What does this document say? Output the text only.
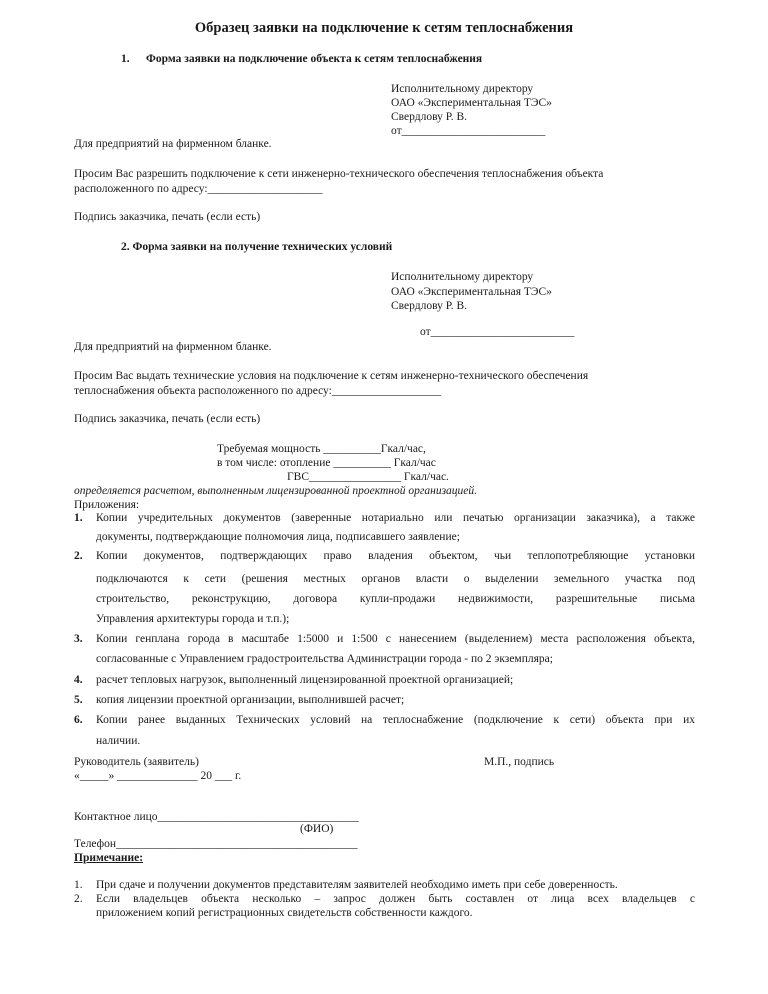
Образец заявки на подключение к сетям теплоснабжения
1. Форма заявки на подключение объекта к сетям теплоснабжения
Исполнительному директору
ОАО «Экспериментальная ТЭС»
Свердлову Р. В.
от_________________________
Для предприятий на фирменном бланке.
Просим Вас разрешить подключение к сети инженерно-технического обеспечения теплоснабжения объекта
расположенного по адресу:____________________
Подпись заказчика, печать (если есть)
2. Форма заявки на получение технических условий
Исполнительному директору
ОАО «Экспериментальная ТЭС»
Свердлову Р. В.
от_________________________
Для предприятий на фирменном бланке.
Просим Вас выдать технические условия на подключение к сетям инженерно-технического обеспечения
теплоснабжения объекта расположенного по адресу:___________________
Подпись заказчика, печать (если есть)
Требуемая мощность __________Гкал/час,
в том числе: отопление __________ Гкал/час
ГВС________________ Гкал/час.
определяется расчетом, выполненным лицензированной проектной организацией.
Приложения:
1. Копии учредительных документов (заверенные нотариально или печатью организации заказчика), а также
документы, подтверждающие полномочия лица, подписавшего заявление;
2. Копии документов, подтверждающих право владения объектом, чьи теплопотребляющие установки
подключаются к сети (решения местных органов власти о выделении земельного участка под
строительство, реконструкцию, договора купли-продажи недвижимости, разрешительные письма
Управления архитектуры города и т.п.);
3. Копии генплана города в масштабе 1:5000 и 1:500 с нанесением (выделением) места расположения объекта,
согласованные с Управлением градостроительства Администрации города - по 2 экземпляра;
4. расчет тепловых нагрузок, выполненный лицензированной проектной организацией;
5. копия лицензии проектной организации, выполнившей расчет;
6. Копии ранее выданных Технических условий на теплоснабжение (подключение к сети) объекта при их
наличии.
Руководитель (заявитель)	М.П., подпись
«_____» ______________ 20 ___ г.
Контактное лицо___________________________________
(ФИО)
Телефон__________________________________________
Примечание:
1. При сдаче и получении документов представителям заявителей необходимо иметь при себе доверенность.
2. Если владельцев объекта несколько – запрос должен быть составлен от лица всех владельцев с
приложением копий регистрационных свидетельств собственности каждого.
